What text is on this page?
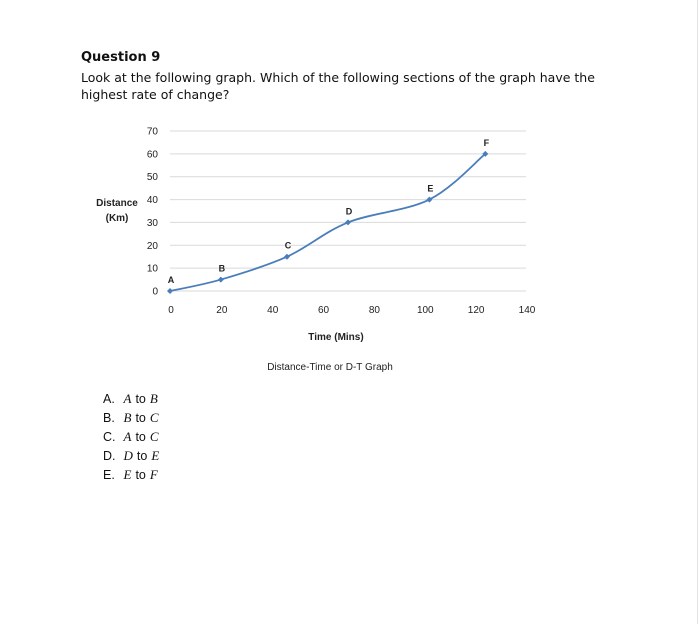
Question 9
Look at the following graph. Which of the following sections of the graph have the highest rate of change?
0
10
20
30
40
50
60
70
0	20	40	60	80	100	120	140
A
B
C
D
E
F
Distance
(Km)
Time (Mins)
Distance-Time or D-T Graph
A. A to B
B. B to C
C. A to C
D. D to E
E. E to F
